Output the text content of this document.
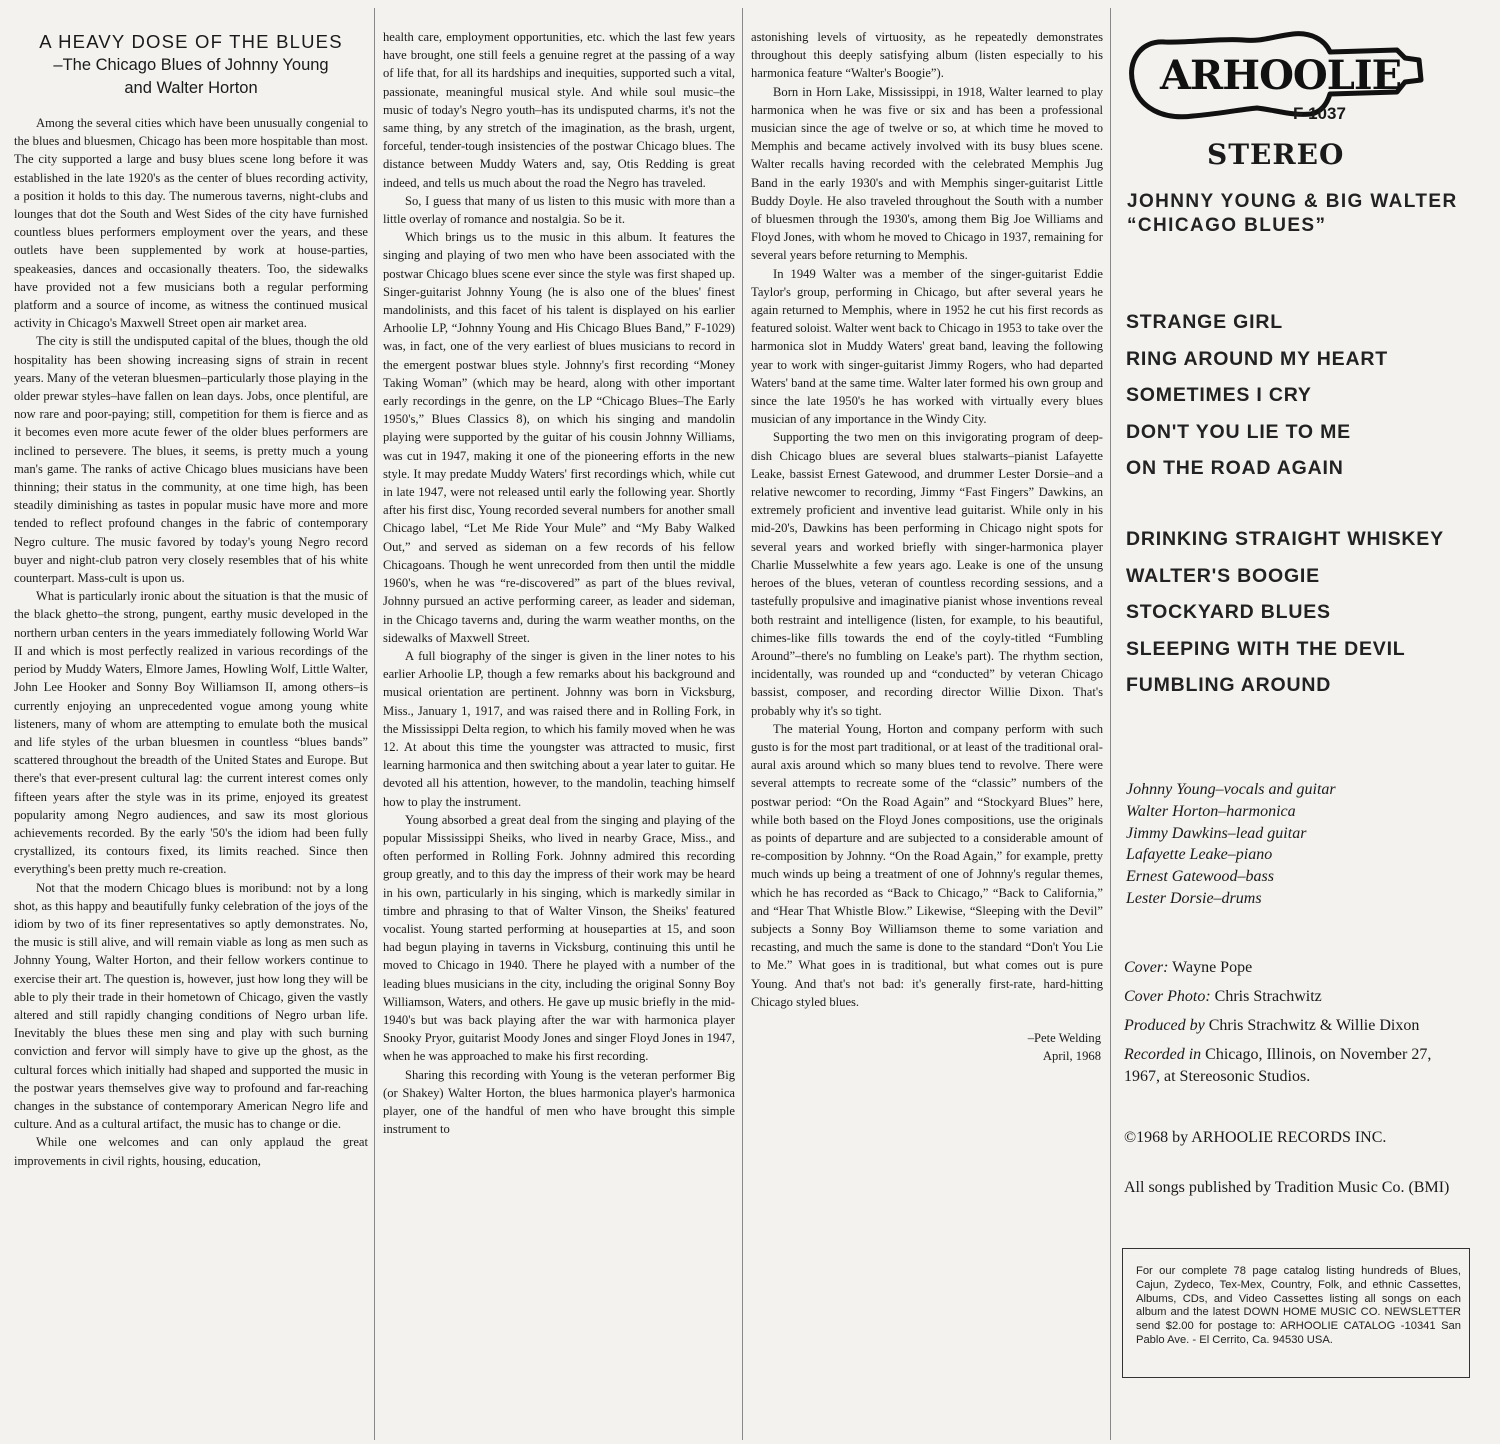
A HEAVY DOSE OF THE BLUES
–The Chicago Blues of Johnny Young
and Walter Horton

Among the several cities which have been unusually congenial to the blues and bluesmen, Chicago has been more hospitable than most. The city supported a large and busy blues scene long before it was established in the late 1920's as the center of blues recording activity, a position it holds to this day. The numerous taverns, night-clubs and lounges that dot the South and West Sides of the city have furnished countless blues performers employment over the years, and these outlets have been supplemented by work at house-parties, speakeasies, dances and occasionally theaters. Too, the sidewalks have provided not a few musicians both a regular performing platform and a source of income, as witness the continued musical activity in Chicago's Maxwell Street open air market area.

The city is still the undisputed capital of the blues, though the old hospitality has been showing increasing signs of strain in recent years. Many of the veteran bluesmen–particularly those playing in the older prewar styles–have fallen on lean days. Jobs, once plentiful, are now rare and poor-paying; still, competition for them is fierce and as it becomes even more acute fewer of the older blues performers are inclined to persevere. The blues, it seems, is pretty much a young man's game. The ranks of active Chicago blues musicians have been thinning; their status in the community, at one time high, has been steadily diminishing as tastes in popular music have more and more tended to reflect profound changes in the fabric of contemporary Negro culture. The music favored by today's young Negro record buyer and night-club patron very closely resembles that of his white counterpart. Mass-cult is upon us.

What is particularly ironic about the situation is that the music of the black ghetto–the strong, pungent, earthy music developed in the northern urban centers in the years immediately following World War II and which is most perfectly realized in various recordings of the period by Muddy Waters, Elmore James, Howling Wolf, Little Walter, John Lee Hooker and Sonny Boy Williamson II, among others–is currently enjoying an unprecedented vogue among young white listeners, many of whom are attempting to emulate both the musical and life styles of the urban bluesmen in countless “blues bands” scattered throughout the breadth of the United States and Europe. But there's that ever-present cultural lag: the current interest comes only fifteen years after the style was in its prime, enjoyed its greatest popularity among Negro audiences, and saw its most glorious achievements recorded. By the early '50's the idiom had been fully crystallized, its contours fixed, its limits reached. Since then everything's been pretty much re-creation.

Not that the modern Chicago blues is moribund: not by a long shot, as this happy and beautifully funky celebration of the joys of the idiom by two of its finer representatives so aptly demonstrates. No, the music is still alive, and will remain viable as long as men such as Johnny Young, Walter Horton, and their fellow workers continue to exercise their art. The question is, however, just how long they will be able to ply their trade in their hometown of Chicago, given the vastly altered and still rapidly changing conditions of Negro urban life. Inevitably the blues these men sing and play with such burning conviction and fervor will simply have to give up the ghost, as the cultural forces which initially had shaped and supported the music in the postwar years themselves give way to profound and far-reaching changes in the substance of contemporary American Negro life and culture. And as a cultural artifact, the music has to change or die.

While one welcomes and can only applaud the great improvements in civil rights, housing, education,

health care, employment opportunities, etc. which the last few years have brought, one still feels a genuine regret at the passing of a way of life that, for all its hardships and inequities, supported such a vital, passionate, meaningful musical style. And while soul music–the music of today's Negro youth–has its undisputed charms, it's not the same thing, by any stretch of the imagination, as the brash, urgent, forceful, tender-tough insistencies of the postwar Chicago blues. The distance between Muddy Waters and, say, Otis Redding is great indeed, and tells us much about the road the Negro has traveled.

So, I guess that many of us listen to this music with more than a little overlay of romance and nostalgia. So be it.

Which brings us to the music in this album. It features the singing and playing of two men who have been associated with the postwar Chicago blues scene ever since the style was first shaped up. Singer-guitarist Johnny Young (he is also one of the blues' finest mandolinists, and this facet of his talent is displayed on his earlier Arhoolie LP, “Johnny Young and His Chicago Blues Band,” F-1029) was, in fact, one of the very earliest of blues musicians to record in the emergent postwar blues style. Johnny's first recording “Money Taking Woman” (which may be heard, along with other important early recordings in the genre, on the LP “Chicago Blues–The Early 1950's,” Blues Classics 8), on which his singing and mandolin playing were supported by the guitar of his cousin Johnny Williams, was cut in 1947, making it one of the pioneering efforts in the new style. It may predate Muddy Waters' first recordings which, while cut in late 1947, were not released until early the following year. Shortly after his first disc, Young recorded several numbers for another small Chicago label, “Let Me Ride Your Mule” and “My Baby Walked Out,” and served as sideman on a few records of his fellow Chicagoans. Though he went unrecorded from then until the middle 1960's, when he was “re-discovered” as part of the blues revival, Johnny pursued an active performing career, as leader and sideman, in the Chicago taverns and, during the warm weather months, on the sidewalks of Maxwell Street.

A full biography of the singer is given in the liner notes to his earlier Arhoolie LP, though a few remarks about his background and musical orientation are pertinent. Johnny was born in Vicksburg, Miss., January 1, 1917, and was raised there and in Rolling Fork, in the Mississippi Delta region, to which his family moved when he was 12. At about this time the youngster was attracted to music, first learning harmonica and then switching about a year later to guitar. He devoted all his attention, however, to the mandolin, teaching himself how to play the instrument.

Young absorbed a great deal from the singing and playing of the popular Mississippi Sheiks, who lived in nearby Grace, Miss., and often performed in Rolling Fork. Johnny admired this recording group greatly, and to this day the impress of their work may be heard in his own, particularly in his singing, which is markedly similar in timbre and phrasing to that of Walter Vinson, the Sheiks' featured vocalist. Young started performing at houseparties at 15, and soon had begun playing in taverns in Vicksburg, continuing this until he moved to Chicago in 1940. There he played with a number of the leading blues musicians in the city, including the original Sonny Boy Williamson, Waters, and others. He gave up music briefly in the mid-1940's but was back playing after the war with harmonica player Snooky Pryor, guitarist Moody Jones and singer Floyd Jones in 1947, when he was approached to make his first recording.

Sharing this recording with Young is the veteran performer Big (or Shakey) Walter Horton, the blues harmonica player's harmonica player, one of the handful of men who have brought this simple instrument to

astonishing levels of virtuosity, as he repeatedly demonstrates throughout this deeply satisfying album (listen especially to his harmonica feature “Walter's Boogie”).

Born in Horn Lake, Mississippi, in 1918, Walter learned to play harmonica when he was five or six and has been a professional musician since the age of twelve or so, at which time he moved to Memphis and became actively involved with its busy blues scene. Walter recalls having recorded with the celebrated Memphis Jug Band in the early 1930's and with Memphis singer-guitarist Little Buddy Doyle. He also traveled throughout the South with a number of bluesmen through the 1930's, among them Big Joe Williams and Floyd Jones, with whom he moved to Chicago in 1937, remaining for several years before returning to Memphis.

In 1949 Walter was a member of the singer-guitarist Eddie Taylor's group, performing in Chicago, but after several years he again returned to Memphis, where in 1952 he cut his first records as featured soloist. Walter went back to Chicago in 1953 to take over the harmonica slot in Muddy Waters' great band, leaving the following year to work with singer-guitarist Jimmy Rogers, who had departed Waters' band at the same time. Walter later formed his own group and since the late 1950's he has worked with virtually every blues musician of any importance in the Windy City.

Supporting the two men on this invigorating program of deep-dish Chicago blues are several blues stalwarts–pianist Lafayette Leake, bassist Ernest Gatewood, and drummer Lester Dorsie–and a relative newcomer to recording, Jimmy “Fast Fingers” Dawkins, an extremely proficient and inventive lead guitarist. While only in his mid-20's, Dawkins has been performing in Chicago night spots for several years and worked briefly with singer-harmonica player Charlie Musselwhite a few years ago. Leake is one of the unsung heroes of the blues, veteran of countless recording sessions, and a tastefully propulsive and imaginative pianist whose inventions reveal both restraint and intelligence (listen, for example, to his beautiful, chimes-like fills towards the end of the coyly-titled “Fumbling Around”–there's no fumbling on Leake's part). The rhythm section, incidentally, was rounded up and “conducted” by veteran Chicago bassist, composer, and recording director Willie Dixon. That's probably why it's so tight.

The material Young, Horton and company perform with such gusto is for the most part traditional, or at least of the traditional oral-aural axis around which so many blues tend to revolve. There were several attempts to recreate some of the “classic” numbers of the postwar period: “On the Road Again” and “Stockyard Blues” here, while both based on the Floyd Jones compositions, use the originals as points of departure and are subjected to a considerable amount of re-composition by Johnny. “On the Road Again,” for example, pretty much winds up being a treatment of one of Johnny's regular themes, which he has recorded as “Back to Chicago,” “Back to California,” and “Hear That Whistle Blow.” Likewise, “Sleeping with the Devil” subjects a Sonny Boy Williamson theme to some variation and recasting, and much the same is done to the standard “Don't You Lie to Me.” What goes in is traditional, but what comes out is pure Young. And that's not bad: it's generally first-rate, hard-hitting Chicago styled blues.

–Pete Welding
April, 1968
ARHOOLIE
F 1037
STEREO
JOHNNY YOUNG & BIG WALTER
“CHICAGO BLUES”
STRANGE GIRL
RING AROUND MY HEART
SOMETIMES I CRY
DON'T YOU LIE TO ME
ON THE ROAD AGAIN
DRINKING STRAIGHT WHISKEY
WALTER'S BOOGIE
STOCKYARD BLUES
SLEEPING WITH THE DEVIL
FUMBLING AROUND
Johnny Young–vocals and guitar
Walter Horton–harmonica
Jimmy Dawkins–lead guitar
Lafayette Leake–piano
Ernest Gatewood–bass
Lester Dorsie–drums
Cover: Wayne Pope
Cover Photo: Chris Strachwitz
Produced by Chris Strachwitz & Willie Dixon
Recorded in Chicago, Illinois, on November 27,
1967, at Stereosonic Studios.
©1968 by ARHOOLIE RECORDS INC.
All songs published by Tradition Music Co. (BMI)
For our complete 78 page catalog listing hundreds of Blues, Cajun, Zydeco, Tex-Mex, Country, Folk, and ethnic Cassettes, Albums, CDs, and Video Cassettes listing all songs on each album and the latest DOWN HOME MUSIC CO. NEWSLETTER send $2.00 for postage to: ARHOOLIE CATALOG -10341 San Pablo Ave. - El Cerrito, Ca. 94530 USA.
